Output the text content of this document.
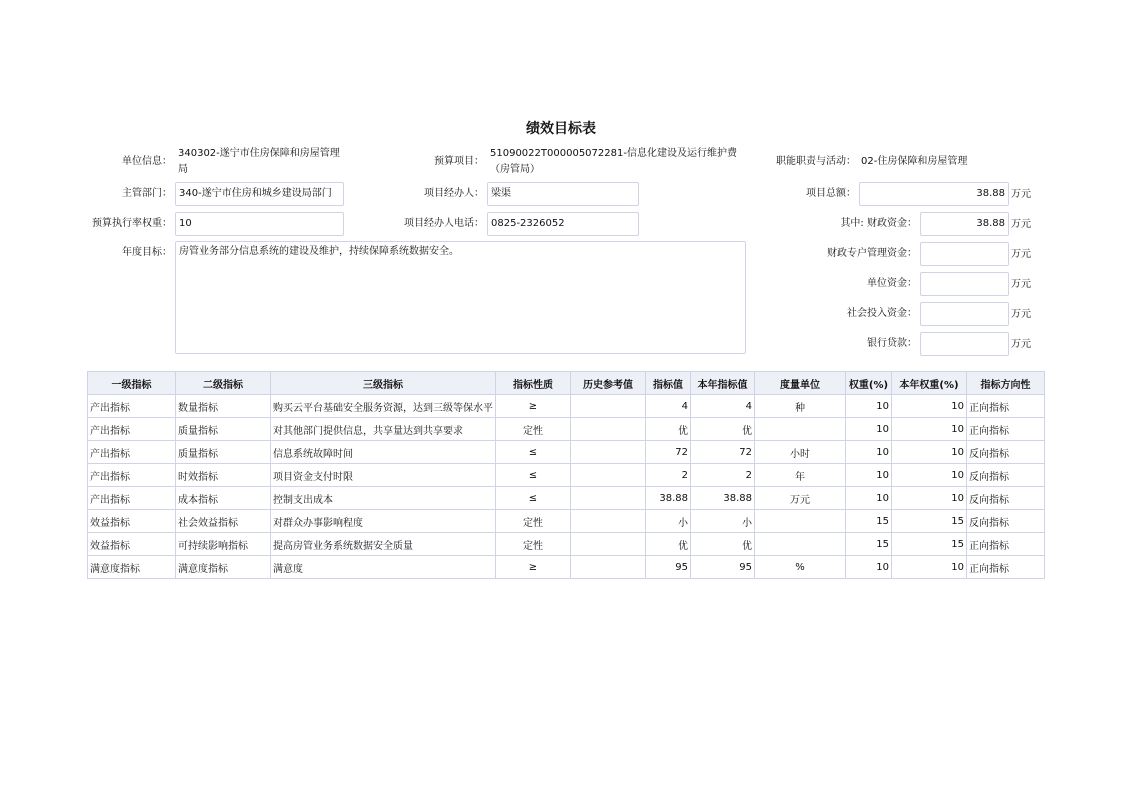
绩效目标表
单位信息：
340302-遂宁市住房保障和房屋管理局
主管部门： 340-遂宁市住房和城乡建设局部门
预算执行率权重： 10
年度目标： 房管业务部分信息系统的建设及维护，持续保障系统数据安全。
预算项目：
51090022T000005072281-信息化建设及运行维护费（房管局）
项目经办人： 梁渠
项目经办人电话： 0825-2326052
职能职责与活动： 02-住房保障和房屋管理
项目总额：	38.88 万元
其中: 财政资金：	38.88 万元
财政专户管理资金：	万元
单位资金：	万元
社会投入资金：	万元
银行贷款：	万元
一级指标	二级指标	三级指标	指标性质	历史参考值	指标值	本年指标值	度量单位	权重(%)	本年权重(%)	指标方向性
产出指标	数量指标	购买云平台基础安全服务资源，达到三级等保水平	≥		4	4	种	10	10	正向指标
产出指标	质量指标	对其他部门提供信息，共享量达到共享要求	定性		优	优		10	10	正向指标
产出指标	质量指标	信息系统故障时间	≤		72	72	小时	10	10	反向指标
产出指标	时效指标	项目资金支付时限	≤		2	2	年	10	10	反向指标
产出指标	成本指标	控制支出成本	≤		38.88	38.88	万元	10	10	反向指标
效益指标	社会效益指标	对群众办事影响程度	定性		小	小		15	15	反向指标
效益指标	可持续影响指标	提高房管业务系统数据安全质量	定性		优	优		15	15	正向指标
满意度指标	满意度指标	满意度	≥		95	95	%	10	10	正向指标
